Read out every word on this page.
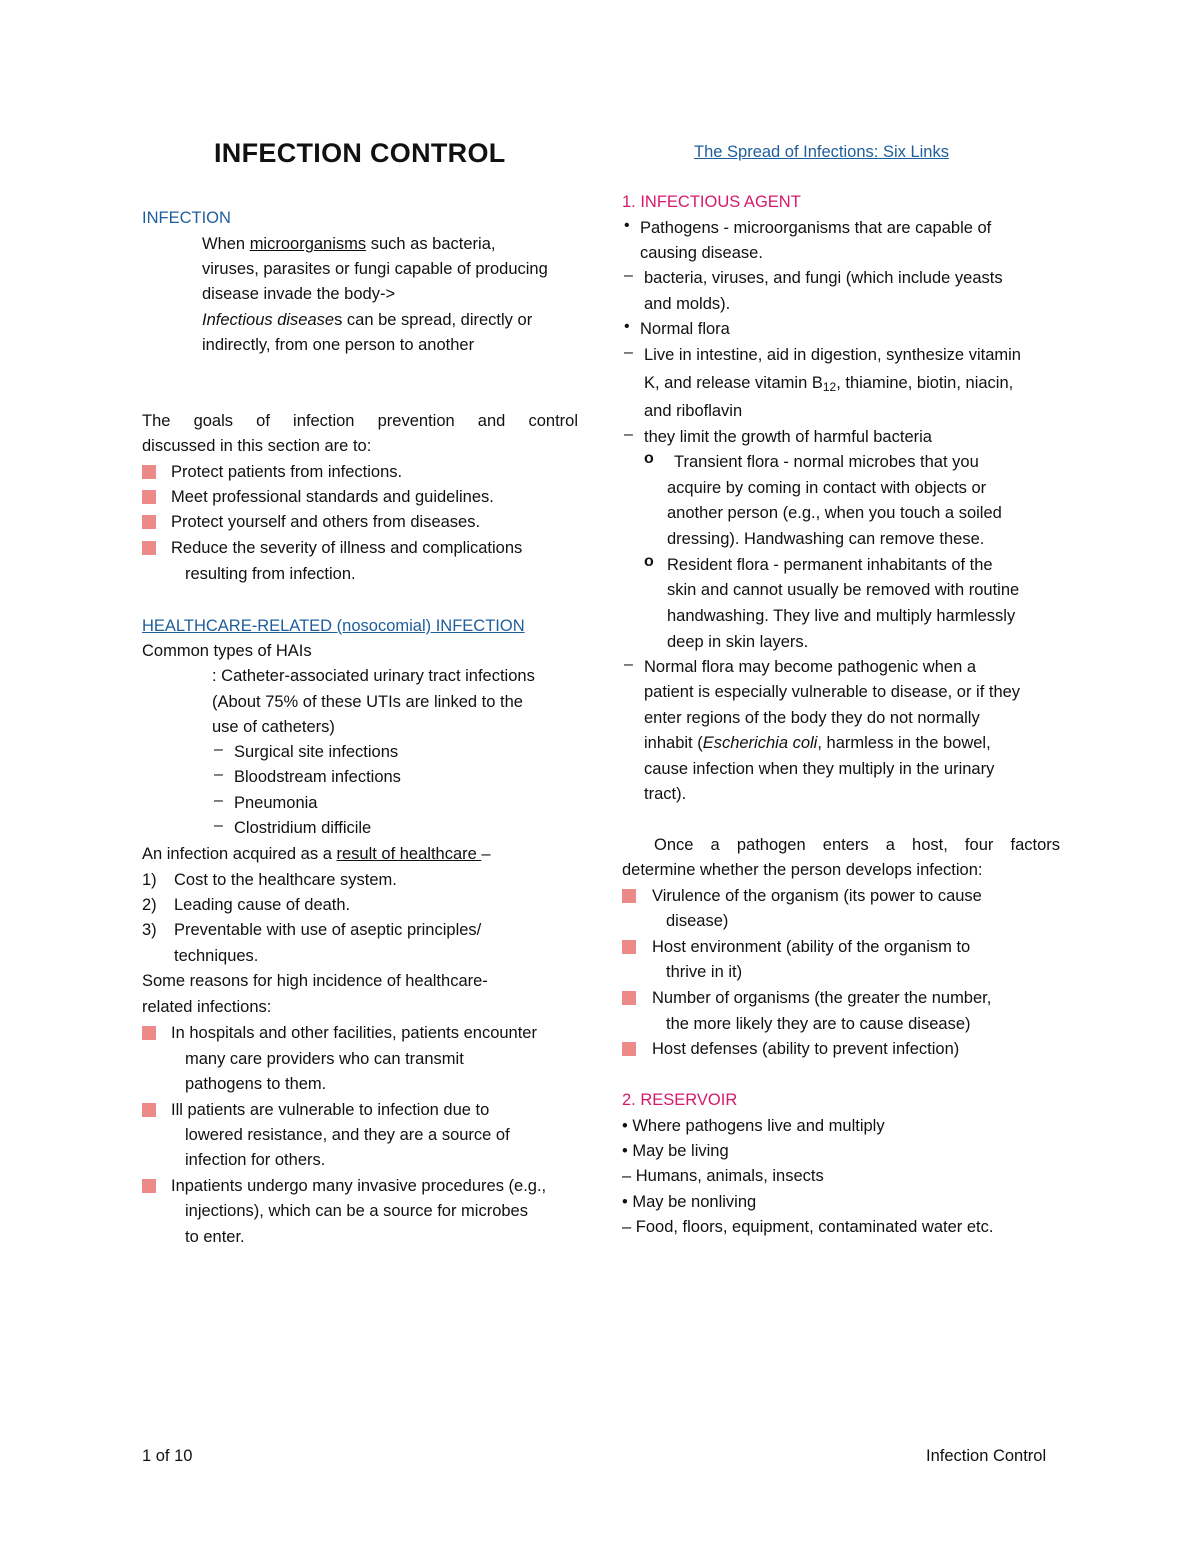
INFECTION CONTROL
INFECTION
When microorganisms such as bacteria,
viruses, parasites or fungi capable of producing
disease invade the body->
Infectious diseases can be spread, directly or
indirectly, from one person to another
The goals of infection prevention and control
discussed in this section are to:
Protect patients from infections.
Meet professional standards and guidelines.
Protect yourself and others from diseases.
Reduce the severity of illness and complications
resulting from infection.
HEALTHCARE-RELATED (nosocomial) INFECTION
Common types of HAIs
: Catheter-associated urinary tract infections
(About 75% of these UTIs are linked to the
use of catheters)
– Surgical site infections
– Bloodstream infections
– Pneumonia
– Clostridium difficile
An infection acquired as a result of healthcare –
1) Cost to the healthcare system.
2) Leading cause of death.
3) Preventable with use of aseptic principles/
techniques.
Some reasons for high incidence of healthcare-
related infections:
In hospitals and other facilities, patients encounter
many care providers who can transmit
pathogens to them.
Ill patients are vulnerable to infection due to
lowered resistance, and they are a source of
infection for others.
Inpatients undergo many invasive procedures (e.g.,
injections), which can be a source for microbes
to enter.
The Spread of Infections: Six Links
1. INFECTIOUS AGENT
• Pathogens - microorganisms that are capable of
causing disease.
– bacteria, viruses, and fungi (which include yeasts
and molds).
• Normal flora
– Live in intestine, aid in digestion, synthesize vitamin
K, and release vitamin $B_{12}$, thiamine, biotin, niacin,
and riboflavin
– they limit the growth of harmful bacteria
o Transient flora - normal microbes that you
acquire by coming in contact with objects or
another person (e.g., when you touch a soiled
dressing). Handwashing can remove these.
o Resident flora - permanent inhabitants of the
skin and cannot usually be removed with routine
handwashing. They live and multiply harmlessly
deep in skin layers.
– Normal flora may become pathogenic when a
patient is especially vulnerable to disease, or if they
enter regions of the body they do not normally
inhabit (Escherichia coli, harmless in the bowel,
cause infection when they multiply in the urinary
tract).
Once a pathogen enters a host, four factors
determine whether the person develops infection:
Virulence of the organism (its power to cause
disease)
Host environment (ability of the organism to
thrive in it)
Number of organisms (the greater the number,
the more likely they are to cause disease)
Host defenses (ability to prevent infection)
2. RESERVOIR
• Where pathogens live and multiply
• May be living
– Humans, animals, insects
• May be nonliving
– Food, floors, equipment, contaminated water etc.
1 of 10	Infection Control
